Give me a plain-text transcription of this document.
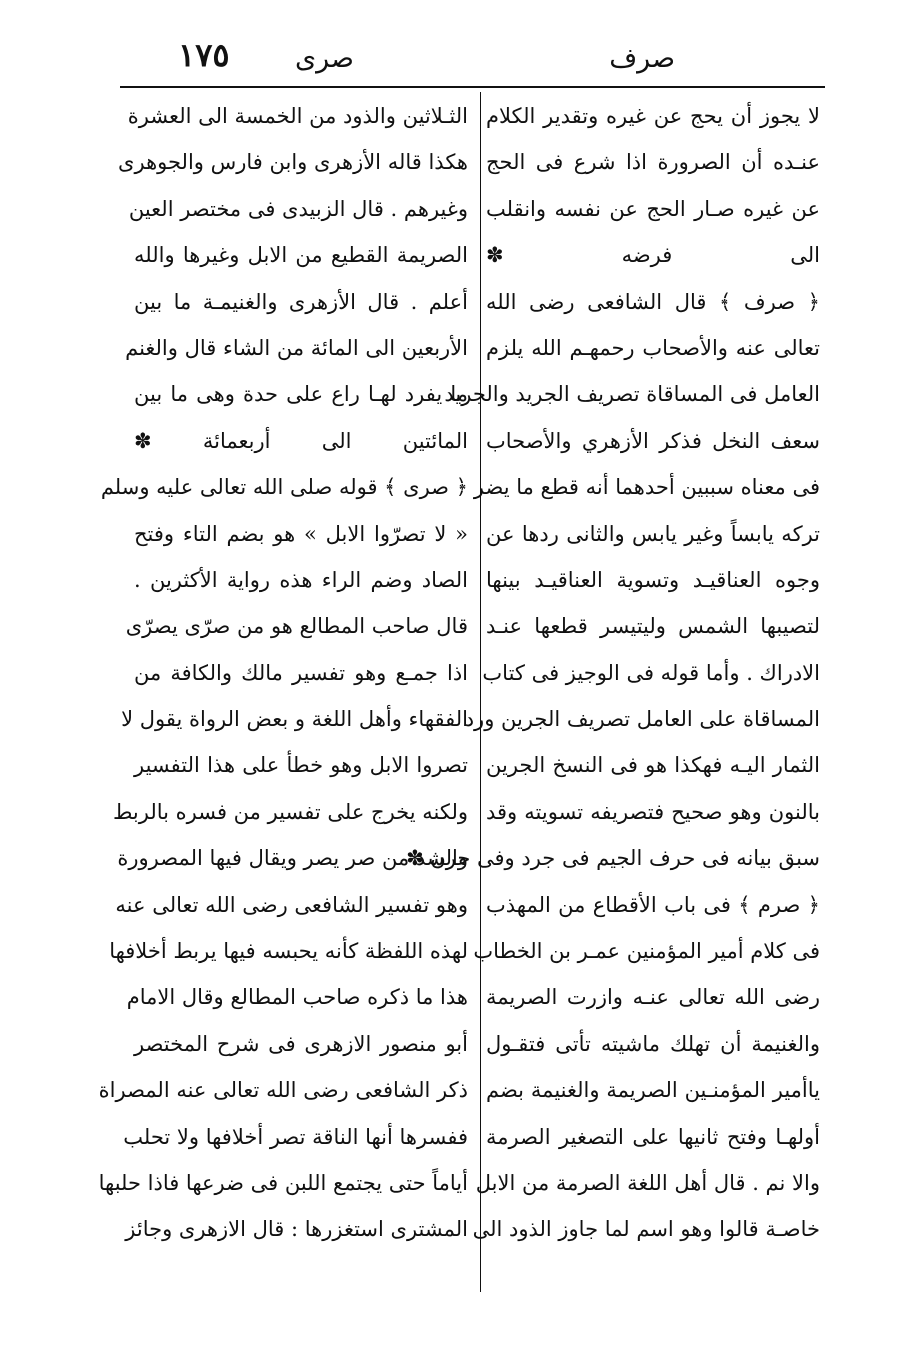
١٧٥ صرى	صرف
لا يجوز أن يحج عن غيره وتقدير الكلام
عنـده أن الصرورة اذا شرع فى الحج
عن غيره صـار الحج عن نفسه وانقلب
الى فرضه ✽
﴿ صرف ﴾ قال الشافعى رضى الله
تعالى عنه والأصحاب رحمهـم الله يلزم
العامل فى المساقاة تصريف الجريد والجريد
سعف النخل فذكر الأزهري والأصحاب
فى معناه سببين أحدهما أنه قطع ما يضر
تركه يابساً وغير يابس والثانى ردها عن
وجوه العناقيـد وتسوية العناقيـد بينها
لتصيبها الشمس وليتيسر قطعها عنـد
الادراك . وأما قوله فى الوجيز فى كتاب
المساقاة على العامل تصريف الجرين ورد
الثمار اليـه فهكذا هو فى النسخ الجرين
بالنون وهو صحيح فتصريفه تسويته وقد
سبق بيانه فى حرف الجيم فى جرد وفى جرن ✽
﴿ صرم ﴾ فى باب الأقطاع من المهذب
فى كلام أمير المؤمنين عمـر بن الخطاب
رضى الله تعالى عنـه وازرت الصريمة
والغنيمة أن تهلك ماشيته تأتى فتقـول
ياأمير المؤمنـين الصريمة والغنيمة بضم
أولهـا وفتح ثانيها على التصغير الصرمة
والا نم . قال أهل اللغة الصرمة من الابل
خاصـة قالوا وهو اسم لما جاوز الذود الى
الثـلاثين والذود من الخمسة الى العشرة
هكذا قاله الأزهرى وابن فارس والجوهرى
وغيرهم . قال الزبيدى فى مختصر العين
الصريمة القطيع من الابل وغيرها والله
أعلم . قال الأزهرى والغنيمـة ما بين
الأربعين الى المائة من الشاء قال والغنم
ما يفرد لهـا راع على حدة وهى ما بين
المائتين الى أربعمائة ✽
﴿ صرى ﴾ قوله صلى الله تعالى عليه وسلم
« لا تصرّوا الابل » هو بضم التاء وفتح
الصاد وضم الراء هذه رواية الأكثرين .
قال صاحب المطالع هو من صرّى يصرّى
اذا جمـع وهو تفسير مالك والكافة من
الفقهاء وأهل اللغة و بعض الرواة يقول لا
تصروا الابل وهو خطأ على هذا التفسير
ولكنه يخرج على تفسير من فسره بالربط
والشد من صر يصر ويقال فيها المصرورة
وهو تفسير الشافعى رضى الله تعالى عنه
لهذه اللفظة كأنه يحبسه فيها يربط أخلافها
هذا ما ذكره صاحب المطالع وقال الامام
أبو منصور الازهرى فى شرح المختصر
ذكر الشافعى رضى الله تعالى عنه المصراة
ففسرها أنها الناقة تصر أخلافها ولا تحلب
أياماً حتى يجتمع اللبن فى ضرعها فاذا حلبها
المشترى استغزرها : قال الازهرى وجائز
